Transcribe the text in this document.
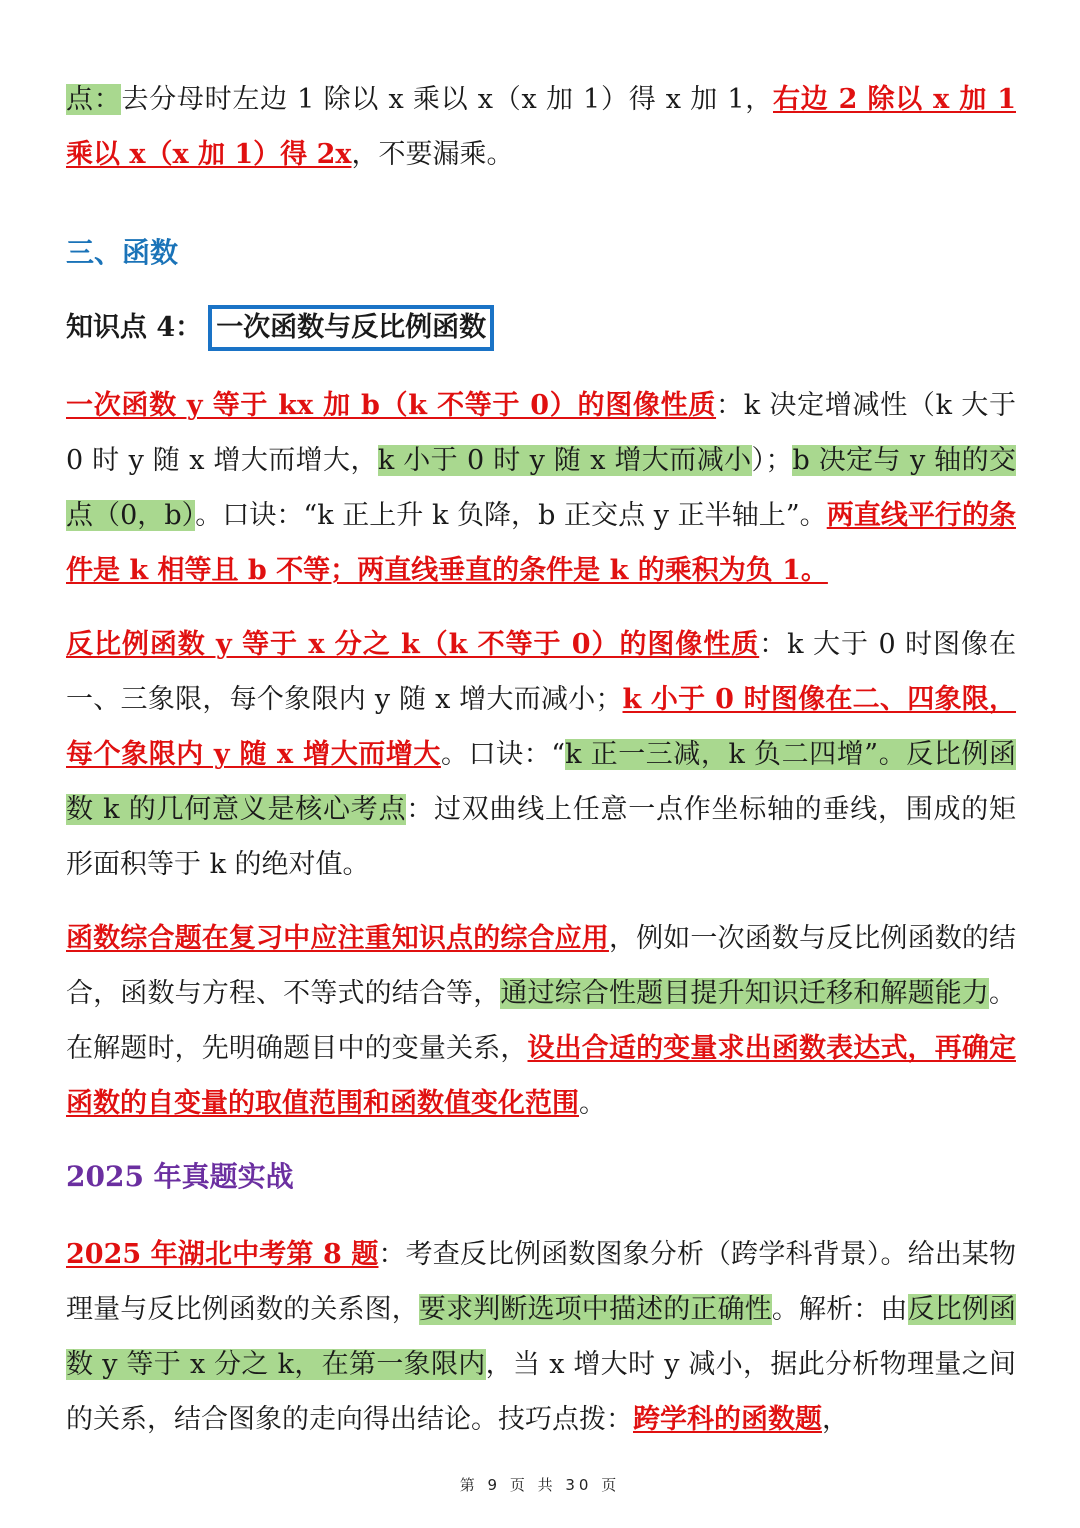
点：去分母时左边 1 除以 x 乘以 x（x 加 1）得 x 加 1，右边 2 除以 x 加 1 乘以 x（x 加 1）得 2x，不要漏乘。

三、函数

知识点 4： 一次函数与反比例函数

一次函数 y 等于 kx 加 b（k 不等于 0）的图像性质：k 决定增减性（k 大于 0 时 y 随 x 增大而增大，k 小于 0 时 y 随 x 增大而减小）；b 决定与 y 轴的交点（0，b）。口诀：“k 正上升 k 负降，b 正交点 y 正半轴上”。两直线平行的条件是 k 相等且 b 不等；两直线垂直的条件是 k 的乘积为负 1。

反比例函数 y 等于 x 分之 k（k 不等于 0）的图像性质：k 大于 0 时图像在一、三象限，每个象限内 y 随 x 增大而减小；k 小于 0 时图像在二、四象限，每个象限内 y 随 x 增大而增大。口诀：“k 正一三减，k 负二四增”。反比例函数 k 的几何意义是核心考点：过双曲线上任意一点作坐标轴的垂线，围成的矩形面积等于 k 的绝对值。

函数综合题在复习中应注重知识点的综合应用，例如一次函数与反比例函数的结合，函数与方程、不等式的结合等，通过综合性题目提升知识迁移和解题能力。在解题时，先明确题目中的变量关系，设出合适的变量求出函数表达式，再确定函数的自变量的取值范围和函数值变化范围。

2025 年真题实战

2025 年湖北中考第 8 题：考查反比例函数图象分析（跨学科背景）。给出某物理量与反比例函数的关系图，要求判断选项中描述的正确性。解析：由反比例函数 y 等于 x 分之 k，在第一象限内，当 x 增大时 y 减小，据此分析物理量之间的关系，结合图象的走向得出结论。技巧点拨：跨学科的函数题，

第 9 页 共 30 页
